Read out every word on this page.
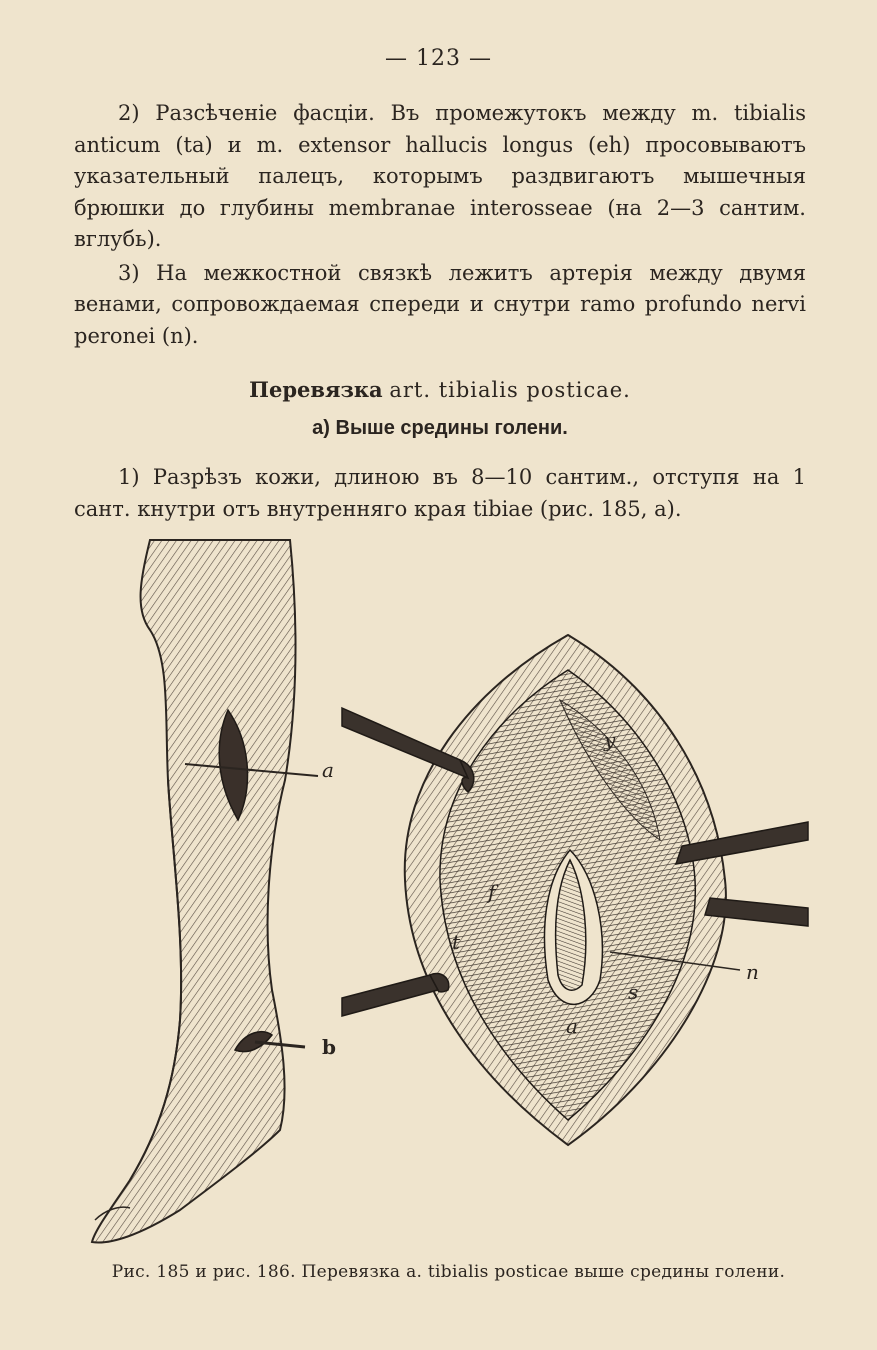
— 123 —

2) Разсѣченіе фасціи. Въ промежутокъ между m. tibialis anticum (ta) и m. extensor hallucis longus (eh) просовываютъ указательный палецъ, которымъ раздвигаютъ мышечныя брюшки до глубины membranae interosseae (на 2—3 сантим. вглубь).

3) На межкостной связкѣ лежитъ артерія между двумя венами, сопровождаемая спереди и снутри ramo profundo nervi peronei (n).

Перевязка art. tibialis posticae.
а) Выше средины голени.

1) Разрѣзъ кожи, длиною въ 8—10 сантим., отступя на 1 сант. кнутри отъ внутренняго края tibiae (рис. 185, а).

a
b
y
f
t
n
s
a
Рис. 185 и рис. 186. Перевязка a. tibialis posticae выше средины голени.
